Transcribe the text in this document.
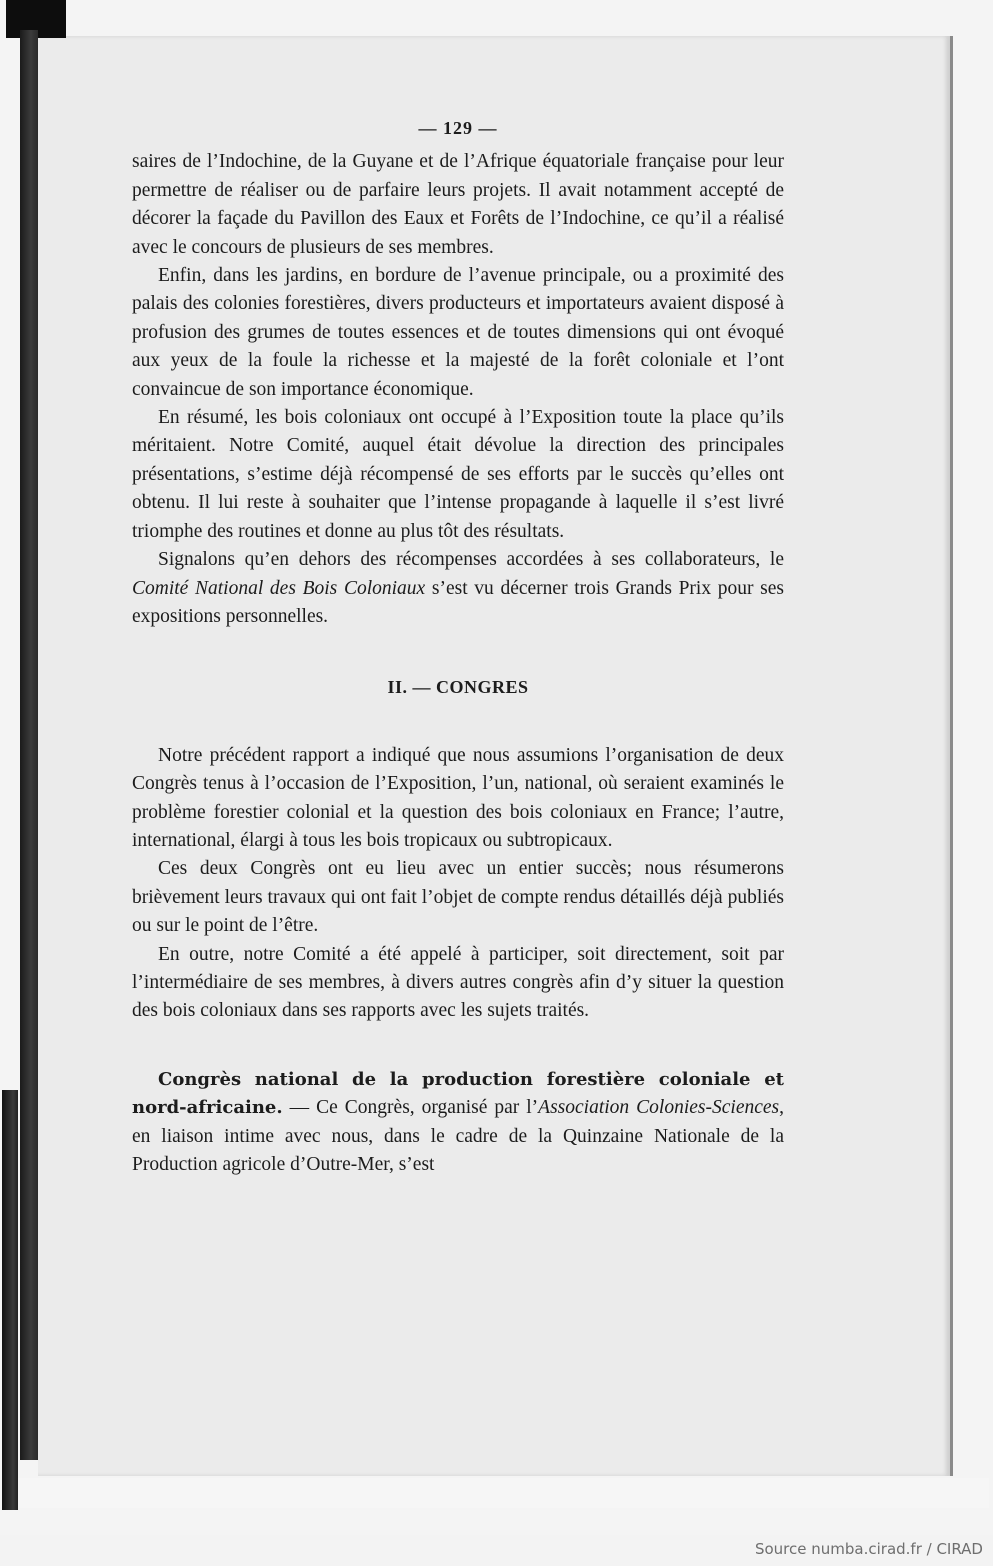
— 129 —

saires de l’Indochine, de la Guyane et de l’Afrique équatoriale française pour leur permettre de réaliser ou de parfaire leurs projets. Il avait notamment accepté de décorer la façade du Pavillon des Eaux et Forêts de l’Indochine, ce qu’il a réalisé avec le concours de plusieurs de ses membres.

Enfin, dans les jardins, en bordure de l’avenue principale, ou a proximité des palais des colonies forestières, divers producteurs et importateurs avaient disposé à profusion des grumes de toutes essences et de toutes dimensions qui ont évoqué aux yeux de la foule la richesse et la majesté de la forêt coloniale et l’ont convaincue de son importance économique.

En résumé, les bois coloniaux ont occupé à l’Exposition toute la place qu’ils méritaient. Notre Comité, auquel était dévolue la direction des principales présentations, s’estime déjà récompensé de ses efforts par le succès qu’elles ont obtenu. Il lui reste à souhaiter que l’intense propagande à laquelle il s’est livré triomphe des routines et donne au plus tôt des résultats.

Signalons qu’en dehors des récompenses accordées à ses collaborateurs, le Comité National des Bois Coloniaux s’est vu décerner trois Grands Prix pour ses expositions personnelles.

II. — CONGRES

Notre précédent rapport a indiqué que nous assumions l’organisation de deux Congrès tenus à l’occasion de l’Exposition, l’un, national, où seraient examinés le problème forestier colonial et la question des bois coloniaux en France; l’autre, international, élargi à tous les bois tropicaux ou subtropicaux.

Ces deux Congrès ont eu lieu avec un entier succès; nous résumerons brièvement leurs travaux qui ont fait l’objet de compte rendus détaillés déjà publiés ou sur le point de l’être.

En outre, notre Comité a été appelé à participer, soit directement, soit par l’intermédiaire de ses membres, à divers autres congrès afin d’y situer la question des bois coloniaux dans ses rapports avec les sujets traités.

Congrès national de la production forestière coloniale et nord-africaine. — Ce Congrès, organisé par l’Association Colonies-Sciences, en liaison intime avec nous, dans le cadre de la Quinzaine Nationale de la Production agricole d’Outre-Mer, s’est

Source numba.cirad.fr / CIRAD
